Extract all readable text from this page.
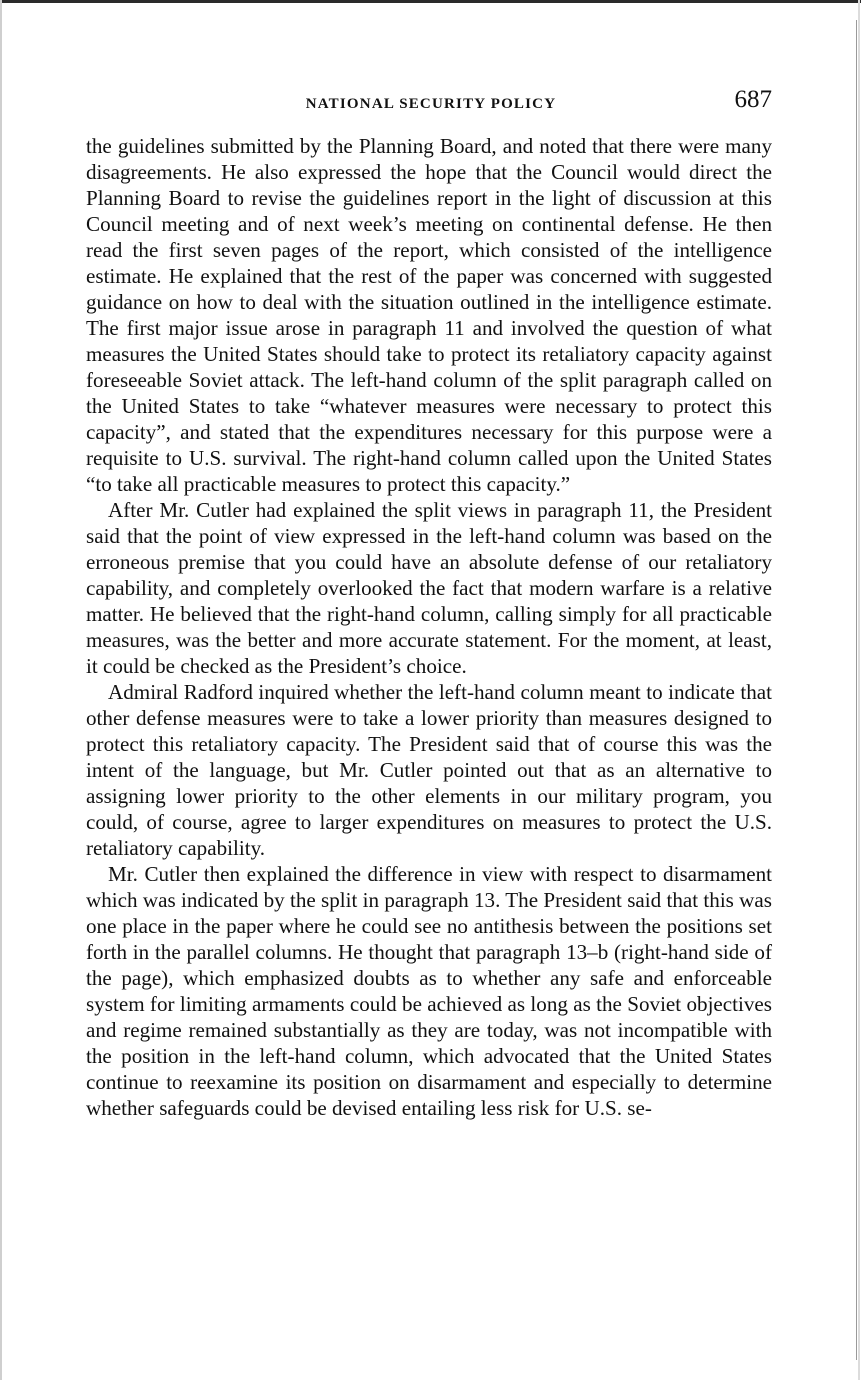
NATIONAL SECURITY POLICY	687

the guidelines submitted by the Planning Board, and noted that there were many disagreements. He also expressed the hope that the Council would direct the Planning Board to revise the guidelines report in the light of discussion at this Council meeting and of next week’s meeting on continental defense. He then read the first seven pages of the report, which consisted of the intelligence estimate. He explained that the rest of the paper was concerned with suggested guidance on how to deal with the situation outlined in the intelligence estimate. The first major issue arose in paragraph 11 and involved the question of what measures the United States should take to protect its retaliatory capacity against foreseeable Soviet attack. The left-hand column of the split paragraph called on the United States to take “whatever measures were necessary to protect this capacity”, and stated that the expenditures necessary for this purpose were a requisite to U.S. survival. The right-hand column called upon the United States “to take all practicable measures to protect this capacity.”

After Mr. Cutler had explained the split views in paragraph 11, the President said that the point of view expressed in the left-hand column was based on the erroneous premise that you could have an absolute defense of our retaliatory capability, and completely overlooked the fact that modern warfare is a relative matter. He believed that the right-hand column, calling simply for all practicable measures, was the better and more accurate statement. For the moment, at least, it could be checked as the President’s choice.

Admiral Radford inquired whether the left-hand column meant to indicate that other defense measures were to take a lower priority than measures designed to protect this retaliatory capacity. The President said that of course this was the intent of the language, but Mr. Cutler pointed out that as an alternative to assigning lower priority to the other elements in our military program, you could, of course, agree to larger expenditures on measures to protect the U.S. retaliatory capability.

Mr. Cutler then explained the difference in view with respect to disarmament which was indicated by the split in paragraph 13. The President said that this was one place in the paper where he could see no antithesis between the positions set forth in the parallel columns. He thought that paragraph 13–b (right-hand side of the page), which emphasized doubts as to whether any safe and enforceable system for limiting armaments could be achieved as long as the Soviet objectives and regime remained substantially as they are today, was not incompatible with the position in the left-hand column, which advocated that the United States continue to reexamine its position on disarmament and especially to determine whether safeguards could be devised entailing less risk for U.S. se-
